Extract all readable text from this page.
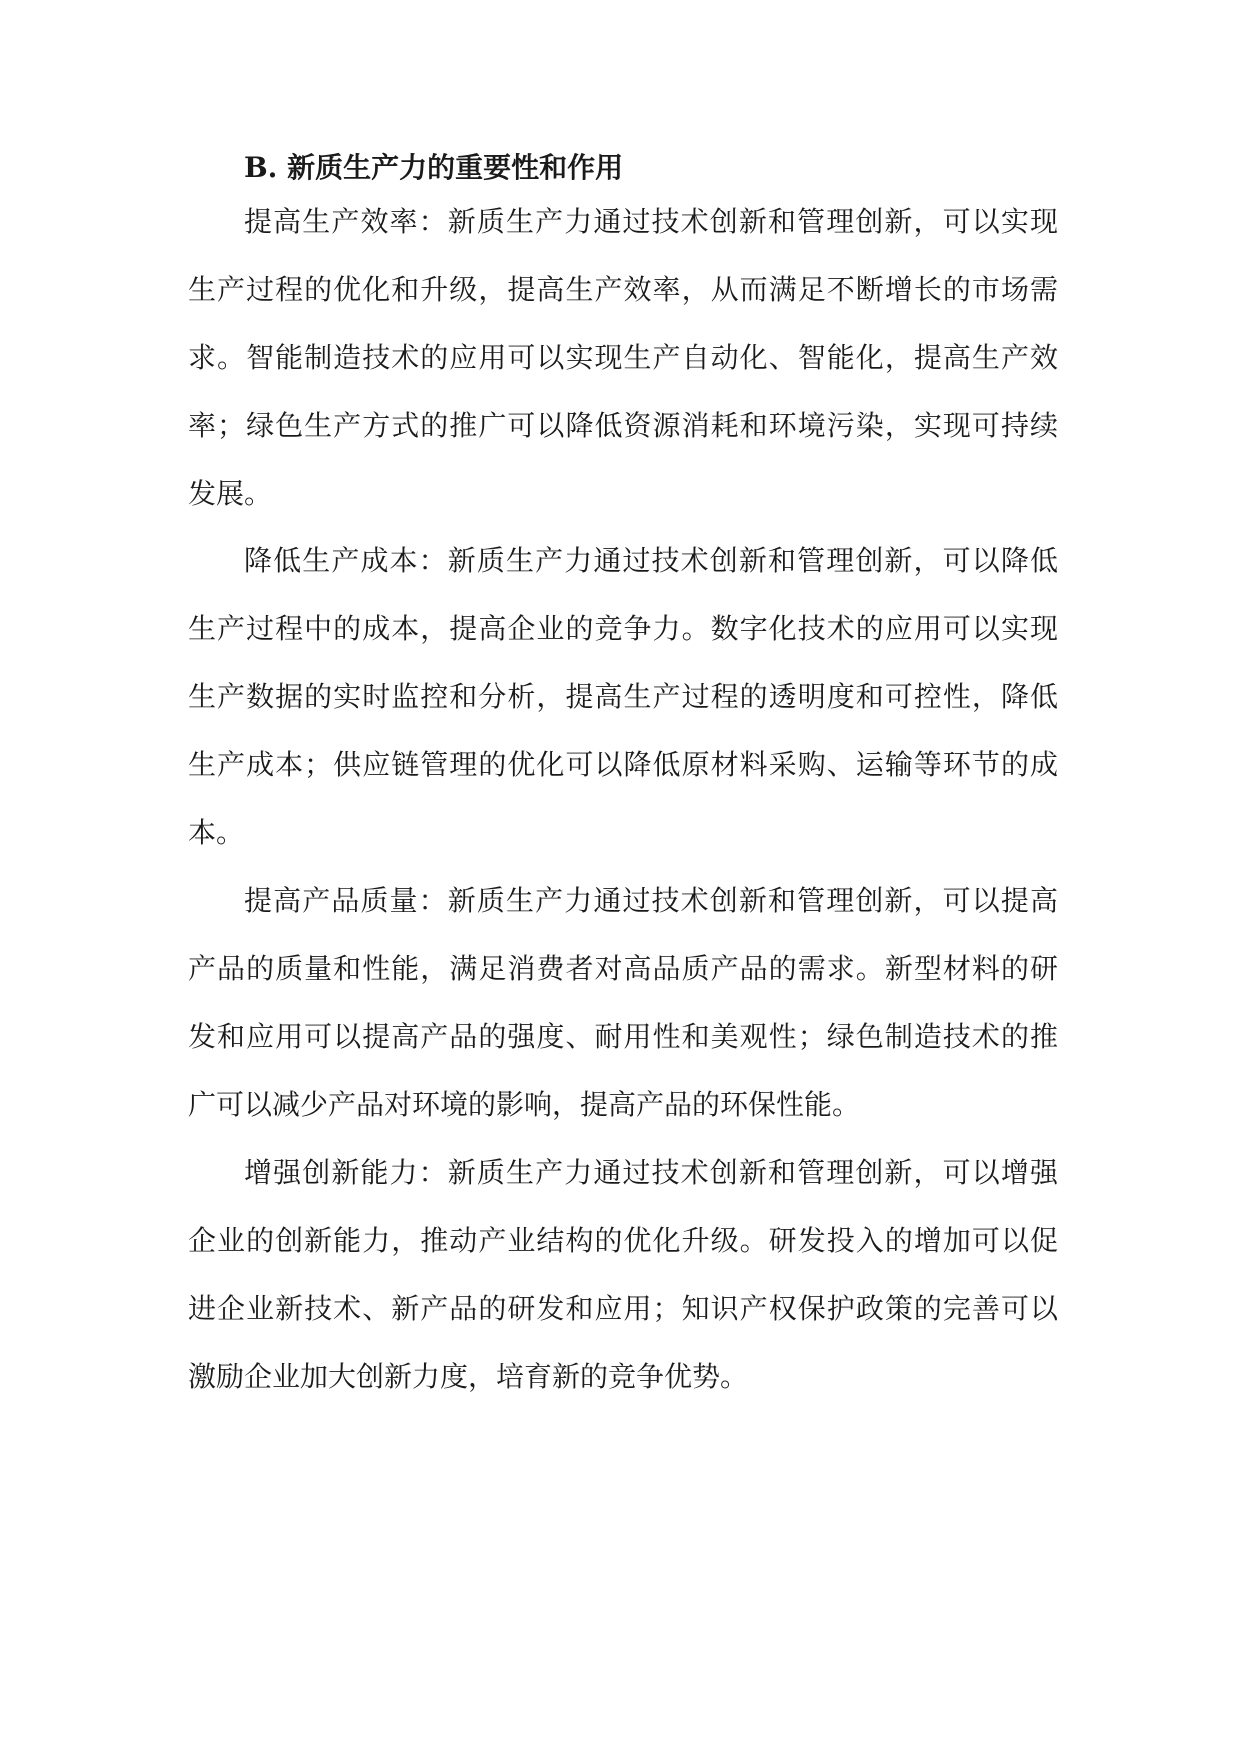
B. 新质生产力的重要性和作用
提高生产效率：新质生产力通过技术创新和管理创新，可以实现
生产过程的优化和升级，提高生产效率，从而满足不断增长的市场需
求。智能制造技术的应用可以实现生产自动化、智能化，提高生产效
率；绿色生产方式的推广可以降低资源消耗和环境污染，实现可持续
发展。
降低生产成本：新质生产力通过技术创新和管理创新，可以降低
生产过程中的成本，提高企业的竞争力。数字化技术的应用可以实现
生产数据的实时监控和分析，提高生产过程的透明度和可控性，降低
生产成本；供应链管理的优化可以降低原材料采购、运输等环节的成
本。
提高产品质量：新质生产力通过技术创新和管理创新，可以提高
产品的质量和性能，满足消费者对高品质产品的需求。新型材料的研
发和应用可以提高产品的强度、耐用性和美观性；绿色制造技术的推
广可以减少产品对环境的影响，提高产品的环保性能。
增强创新能力：新质生产力通过技术创新和管理创新，可以增强
企业的创新能力，推动产业结构的优化升级。研发投入的增加可以促
进企业新技术、新产品的研发和应用；知识产权保护政策的完善可以
激励企业加大创新力度，培育新的竞争优势。
